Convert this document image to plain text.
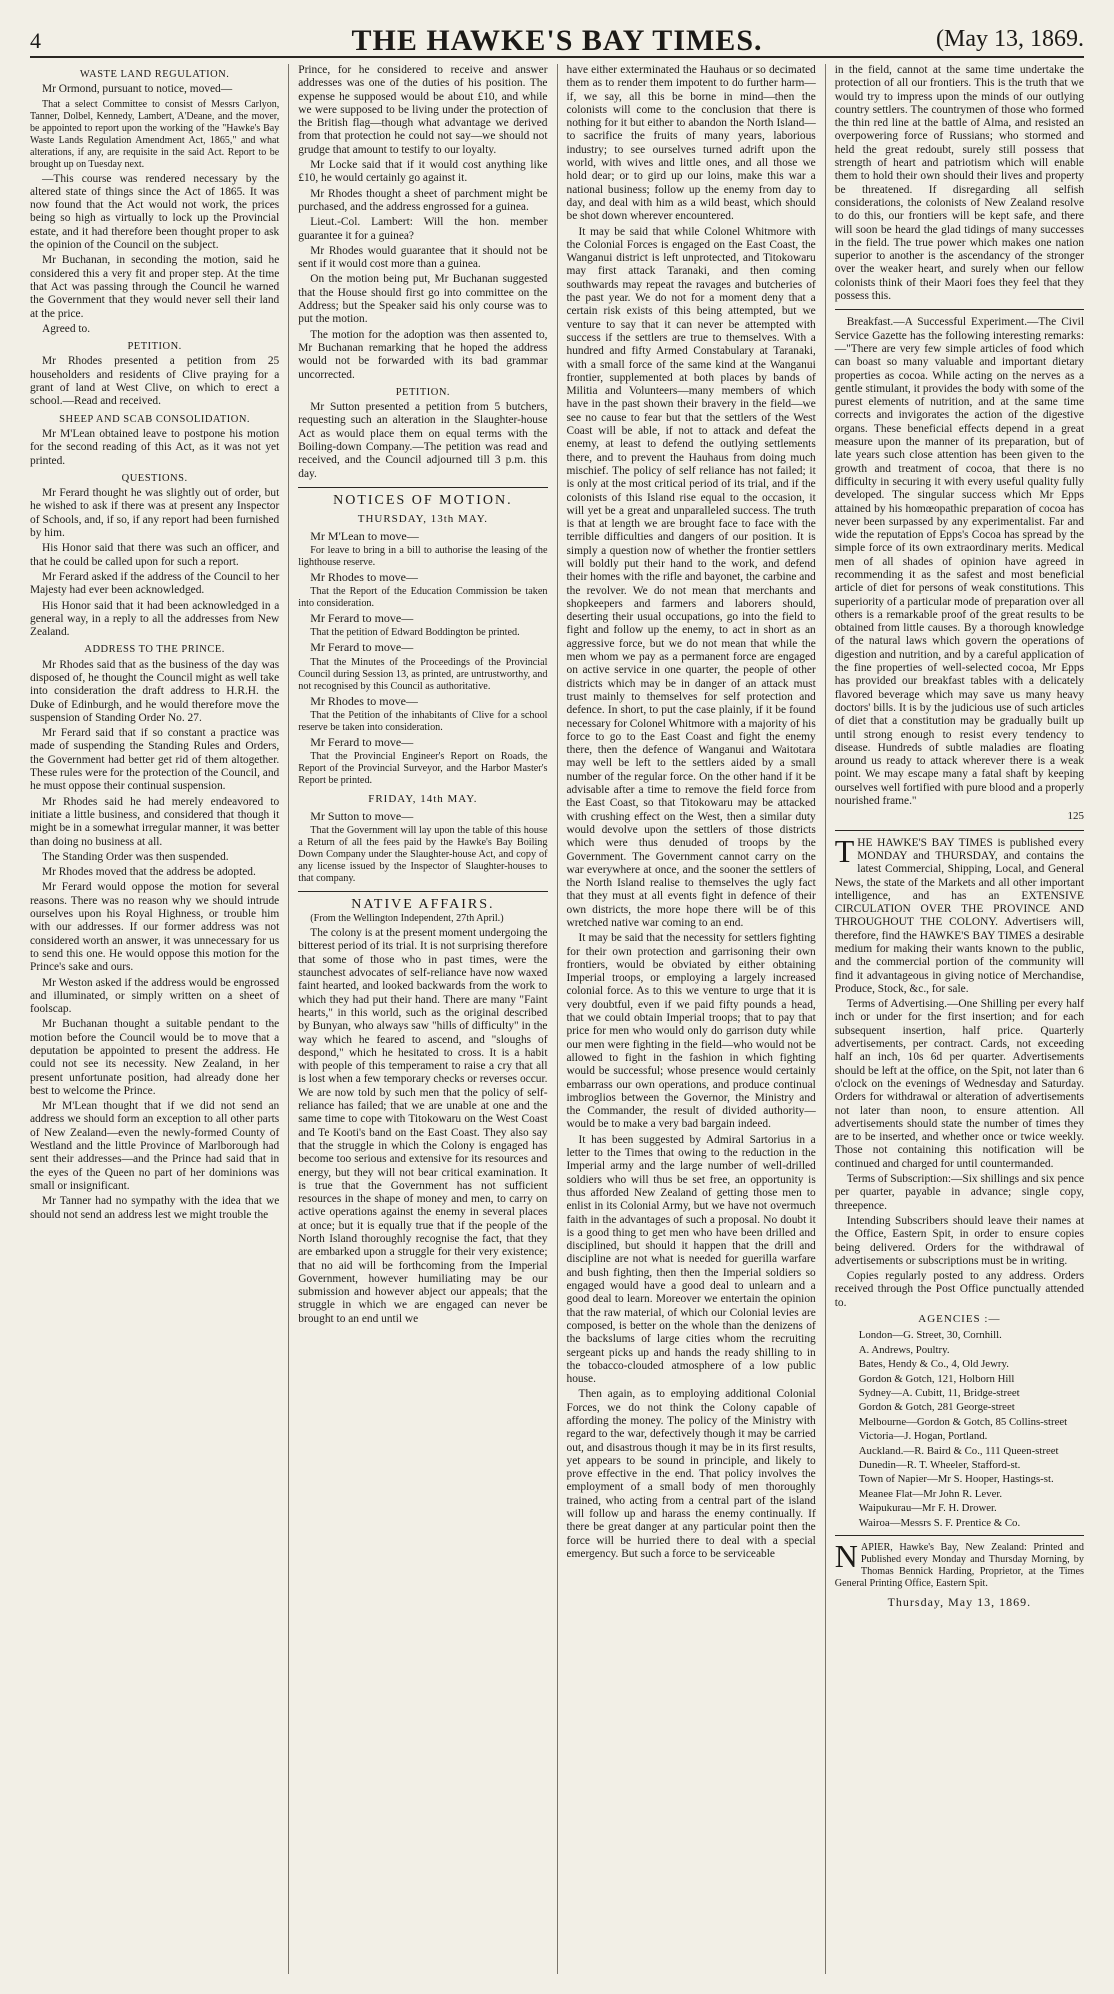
4	THE HAWKE'S BAY TIMES.	(May 13, 1869.
WASTE LAND REGULATION.

Mr Ormond, pursuant to notice, moved—

That a select Committee to consist of Messrs Carlyon, Tanner, Dolbel, Kennedy, Lambert, A'Deane, and the mover, be appointed to report upon the working of the "Hawke's Bay Waste Lands Regulation Amendment Act, 1865," and what alterations, if any, are requisite in the said Act. Report to be brought up on Tuesday next.

—This course was rendered necessary by the altered state of things since the Act of 1865. It was now found that the Act would not work, the prices being so high as virtually to lock up the Provincial estate, and it had therefore been thought proper to ask the opinion of the Council on the subject.

Mr Buchanan, in seconding the motion, said he considered this a very fit and proper step. At the time that Act was passing through the Council he warned the Government that they would never sell their land at the price.

Agreed to.

PETITION.

Mr Rhodes presented a petition from 25 householders and residents of Clive praying for a grant of land at West Clive, on which to erect a school.—Read and received.

SHEEP AND SCAB CONSOLIDATION.

Mr M'Lean obtained leave to postpone his motion for the second reading of this Act, as it was not yet printed.

QUESTIONS.

Mr Ferard thought he was slightly out of order, but he wished to ask if there was at present any Inspector of Schools, and, if so, if any report had been furnished by him.

His Honor said that there was such an officer, and that he could be called upon for such a report.

Mr Ferard asked if the address of the Council to her Majesty had ever been acknowledged.

His Honor said that it had been acknowledged in a general way, in a reply to all the addresses from New Zealand.

ADDRESS TO THE PRINCE.

Mr Rhodes said that as the business of the day was disposed of, he thought the Council might as well take into consideration the draft address to H.R.H. the Duke of Edinburgh, and he would therefore move the suspension of Standing Order No. 27.

Mr Ferard said that if so constant a practice was made of suspending the Standing Rules and Orders, the Government had better get rid of them altogether. These rules were for the protection of the Council, and he must oppose their continual suspension.

Mr Rhodes said he had merely endeavored to initiate a little business, and considered that though it might be in a somewhat irregular manner, it was better than doing no business at all.

The Standing Order was then suspended.

Mr Rhodes moved that the address be adopted.

Mr Ferard would oppose the motion for several reasons. There was no reason why we should intrude ourselves upon his Royal Highness, or trouble him with our addresses. If our former address was not considered worth an answer, it was unnecessary for us to send this one. He would oppose this motion for the Prince's sake and ours.

Mr Weston asked if the address would be engrossed and illuminated, or simply written on a sheet of foolscap.

Mr Buchanan thought a suitable pendant to the motion before the Council would be to move that a deputation be appointed to present the address. He could not see its necessity. New Zealand, in her present unfortunate position, had already done her best to welcome the Prince.

Mr M'Lean thought that if we did not send an address we should form an exception to all other parts of New Zealand—even the newly-formed County of Westland and the little Province of Marlborough had sent their addresses—and the Prince had said that in the eyes of the Queen no part of her dominions was small or insignificant.

Mr Tanner had no sympathy with the idea that we should not send an address lest we might trouble the

Prince, for he considered to receive and answer addresses was one of the duties of his position. The expense he supposed would be about £10, and while we were supposed to be living under the protection of the British flag—though what advantage we derived from that protection he could not say—we should not grudge that amount to testify to our loyalty.

Mr Locke said that if it would cost anything like £10, he would certainly go against it.

Mr Rhodes thought a sheet of parchment might be purchased, and the address engrossed for a guinea.

Lieut.-Col. Lambert: Will the hon. member guarantee it for a guinea?

Mr Rhodes would guarantee that it should not be sent if it would cost more than a guinea.

On the motion being put, Mr Buchanan suggested that the House should first go into committee on the Address; but the Speaker said his only course was to put the motion.

The motion for the adoption was then assented to, Mr Buchanan remarking that he hoped the address would not be forwarded with its bad grammar uncorrected.

PETITION.

Mr Sutton presented a petition from 5 butchers, requesting such an alteration in the Slaughter-house Act as would place them on equal terms with the Boiling-down Company.—The petition was read and received, and the Council adjourned till 3 p.m. this day.

NOTICES OF MOTION.
THURSDAY, 13th MAY.

Mr M'Lean to move—

For leave to bring in a bill to authorise the leasing of the lighthouse reserve.

Mr Rhodes to move—

That the Report of the Education Commission be taken into consideration.

Mr Ferard to move—

That the petition of Edward Boddington be printed.

Mr Ferard to move—

That the Minutes of the Proceedings of the Provincial Council during Session 13, as printed, are untrustworthy, and not recognised by this Council as authoritative.

Mr Rhodes to move—

That the Petition of the inhabitants of Clive for a school reserve be taken into consideration.

Mr Ferard to move—

That the Provincial Engineer's Report on Roads, the Report of the Provincial Surveyor, and the Harbor Master's Report be printed.

FRIDAY, 14th MAY.

Mr Sutton to move—

That the Government will lay upon the table of this house a Return of all the fees paid by the Hawke's Bay Boiling Down Company under the Slaughter-house Act, and copy of any license issued by the Inspector of Slaughter-houses to that company.

NATIVE AFFAIRS.

(From the Wellington Independent, 27th April.)

The colony is at the present moment undergoing the bitterest period of its trial. It is not surprising therefore that some of those who in past times, were the staunchest advocates of self-reliance have now waxed faint hearted, and looked backwards from the work to which they had put their hand. There are many "Faint hearts," in this world, such as the original described by Bunyan, who always saw "hills of difficulty" in the way which he feared to ascend, and "sloughs of despond," which he hesitated to cross. It is a habit with people of this temperament to raise a cry that all is lost when a few temporary checks or reverses occur. We are now told by such men that the policy of self-reliance has failed; that we are unable at one and the same time to cope with Titokowaru on the West Coast and Te Kooti's band on the East Coast. They also say that the struggle in which the Colony is engaged has become too serious and extensive for its resources and energy, but they will not bear critical examination. It is true that the Government has not sufficient resources in the shape of money and men, to carry on active operations against the enemy in several places at once; but it is equally true that if the people of the North Island thoroughly recognise the fact, that they are embarked upon a struggle for their very existence; that no aid will be forthcoming from the Imperial Government, however humiliating may be our submission and however abject our appeals; that the struggle in which we are engaged can never be brought to an end until we

have either exterminated the Hauhaus or so decimated them as to render them impotent to do further harm—if, we say, all this be borne in mind—then the colonists will come to the conclusion that there is nothing for it but either to abandon the North Island—to sacrifice the fruits of many years, laborious industry; to see ourselves turned adrift upon the world, with wives and little ones, and all those we hold dear; or to gird up our loins, make this war a national business; follow up the enemy from day to day, and deal with him as a wild beast, which should be shot down wherever encountered.

It may be said that while Colonel Whitmore with the Colonial Forces is engaged on the East Coast, the Wanganui district is left unprotected, and Titokowaru may first attack Taranaki, and then coming southwards may repeat the ravages and butcheries of the past year. We do not for a moment deny that a certain risk exists of this being attempted, but we venture to say that it can never be attempted with success if the settlers are true to themselves. With a hundred and fifty Armed Constabulary at Taranaki, with a small force of the same kind at the Wanganui frontier, supplemented at both places by bands of Militia and Volunteers—many members of which have in the past shown their bravery in the field—we see no cause to fear but that the settlers of the West Coast will be able, if not to attack and defeat the enemy, at least to defend the outlying settlements there, and to prevent the Hauhaus from doing much mischief. The policy of self reliance has not failed; it is only at the most critical period of its trial, and if the colonists of this Island rise equal to the occasion, it will yet be a great and unparalleled success. The truth is that at length we are brought face to face with the terrible difficulties and dangers of our position. It is simply a question now of whether the frontier settlers will boldly put their hand to the work, and defend their homes with the rifle and bayonet, the carbine and the revolver. We do not mean that merchants and shopkeepers and farmers and laborers should, deserting their usual occupations, go into the field to fight and follow up the enemy, to act in short as an aggressive force, but we do not mean that while the men whom we pay as a permanent force are engaged on active service in one quarter, the people of other districts which may be in danger of an attack must trust mainly to themselves for self protection and defence. In short, to put the case plainly, if it be found necessary for Colonel Whitmore with a majority of his force to go to the East Coast and fight the enemy there, then the defence of Wanganui and Waitotara may well be left to the settlers aided by a small number of the regular force. On the other hand if it be advisable after a time to remove the field force from the East Coast, so that Titokowaru may be attacked with crushing effect on the West, then a similar duty would devolve upon the settlers of those districts which were thus denuded of troops by the Government. The Government cannot carry on the war everywhere at once, and the sooner the settlers of the North Island realise to themselves the ugly fact that they must at all events fight in defence of their own districts, the more hope there will be of this wretched native war coming to an end.

It may be said that the necessity for settlers fighting for their own protection and garrisoning their own frontiers, would be obviated by either obtaining Imperial troops, or employing a largely increased colonial force. As to this we venture to urge that it is very doubtful, even if we paid fifty pounds a head, that we could obtain Imperial troops; that to pay that price for men who would only do garrison duty while our men were fighting in the field—who would not be allowed to fight in the fashion in which fighting would be successful; whose presence would certainly embarrass our own operations, and produce continual imbroglios between the Governor, the Ministry and the Commander, the result of divided authority—would be to make a very bad bargain indeed.

It has been suggested by Admiral Sartorius in a letter to the Times that owing to the reduction in the Imperial army and the large number of well-drilled soldiers who will thus be set free, an opportunity is thus afforded New Zealand of getting those men to enlist in its Colonial Army, but we have not overmuch faith in the advantages of such a proposal. No doubt it is a good thing to get men who have been drilled and disciplined, but should it happen that the drill and discipline are not what is needed for guerilla warfare and bush fighting, then then the Imperial soldiers so engaged would have a good deal to unlearn and a good deal to learn. Moreover we entertain the opinion that the raw material, of which our Colonial levies are composed, is better on the whole than the denizens of the backslums of large cities whom the recruiting sergeant picks up and hands the ready shilling to in the tobacco-clouded atmosphere of a low public house.

Then again, as to employing additional Colonial Forces, we do not think the Colony capable of affording the money. The policy of the Ministry with regard to the war, defectively though it may be carried out, and disastrous though it may be in its first results, yet appears to be sound in principle, and likely to prove effective in the end. That policy involves the employment of a small body of men thoroughly trained, who acting from a central part of the island will follow up and harass the enemy continually. If there be great danger at any particular point then the force will be hurried there to deal with a special emergency. But such a force to be serviceable

in the field, cannot at the same time undertake the protection of all our frontiers. This is the truth that we would try to impress upon the minds of our outlying country settlers. The countrymen of those who formed the thin red line at the battle of Alma, and resisted an overpowering force of Russians; who stormed and held the great redoubt, surely still possess that strength of heart and patriotism which will enable them to hold their own should their lives and property be threatened. If disregarding all selfish considerations, the colonists of New Zealand resolve to do this, our frontiers will be kept safe, and there will soon be heard the glad tidings of many successes in the field. The true power which makes one nation superior to another is the ascendancy of the stronger over the weaker heart, and surely when our fellow colonists think of their Maori foes they feel that they possess this.

Breakfast.—A Successful Experiment.—The Civil Service Gazette has the following interesting remarks:—"There are very few simple articles of food which can boast so many valuable and important dietary properties as cocoa. While acting on the nerves as a gentle stimulant, it provides the body with some of the purest elements of nutrition, and at the same time corrects and invigorates the action of the digestive organs. These beneficial effects depend in a great measure upon the manner of its preparation, but of late years such close attention has been given to the growth and treatment of cocoa, that there is no difficulty in securing it with every useful quality fully developed. The singular success which Mr Epps attained by his homœopathic preparation of cocoa has never been surpassed by any experimentalist. Far and wide the reputation of Epps's Cocoa has spread by the simple force of its own extraordinary merits. Medical men of all shades of opinion have agreed in recommending it as the safest and most beneficial article of diet for persons of weak constitutions. This superiority of a particular mode of preparation over all others is a remarkable proof of the great results to be obtained from little causes. By a thorough knowledge of the natural laws which govern the operations of digestion and nutrition, and by a careful application of the fine properties of well-selected cocoa, Mr Epps has provided our breakfast tables with a delicately flavored beverage which may save us many heavy doctors' bills. It is by the judicious use of such articles of diet that a constitution may be gradually built up until strong enough to resist every tendency to disease. Hundreds of subtle maladies are floating around us ready to attack wherever there is a weak point. We may escape many a fatal shaft by keeping ourselves well fortified with pure blood and a properly nourished frame."

125

THE HAWKE'S BAY TIMES is published every MONDAY and THURSDAY, and contains the latest Commercial, Shipping, Local, and General News, the state of the Markets and all other important intelligence, and has an EXTENSIVE CIRCULATION OVER THE PROVINCE AND THROUGHOUT THE COLONY. Advertisers will, therefore, find the HAWKE'S BAY TIMES a desirable medium for making their wants known to the public, and the commercial portion of the community will find it advantageous in giving notice of Merchandise, Produce, Stock, &c., for sale.

Terms of Advertising.—One Shilling per every half inch or under for the first insertion; and for each subsequent insertion, half price. Quarterly advertisements, per contract. Cards, not exceeding half an inch, 10s 6d per quarter. Advertisements should be left at the office, on the Spit, not later than 6 o'clock on the evenings of Wednesday and Saturday. Orders for withdrawal or alteration of advertisements not later than noon, to ensure attention. All advertisements should state the number of times they are to be inserted, and whether once or twice weekly. Those not containing this notification will be continued and charged for until countermanded.

Terms of Subscription:—Six shillings and six pence per quarter, payable in advance; single copy, threepence.

Intending Subscribers should leave their names at the Office, Eastern Spit, in order to ensure copies being delivered. Orders for the withdrawal of advertisements or subscriptions must be in writing.

Copies regularly posted to any address. Orders received through the Post Office punctually attended to.

AGENCIES :—

London—G. Street, 30, Cornhill.

A. Andrews, Poultry.

Bates, Hendy & Co., 4, Old Jewry.

Gordon & Gotch, 121, Holborn Hill

Sydney—A. Cubitt, 11, Bridge-street

Gordon & Gotch, 281 George-street

Melbourne—Gordon & Gotch, 85 Collins-street

Victoria—J. Hogan, Portland.

Auckland.—R. Baird & Co., 111 Queen-street

Dunedin—R. T. Wheeler, Stafford-st.

Town of Napier—Mr S. Hooper, Hastings-st.

Meanee Flat—Mr John R. Lever.

Waipukurau—Mr F. H. Drower.

Wairoa—Messrs S. F. Prentice & Co.

NAPIER, Hawke's Bay, New Zealand: Printed and Published every Monday and Thursday Morning, by Thomas Bennick Harding, Proprietor, at the Times General Printing Office, Eastern Spit.

Thursday, May 13, 1869.
